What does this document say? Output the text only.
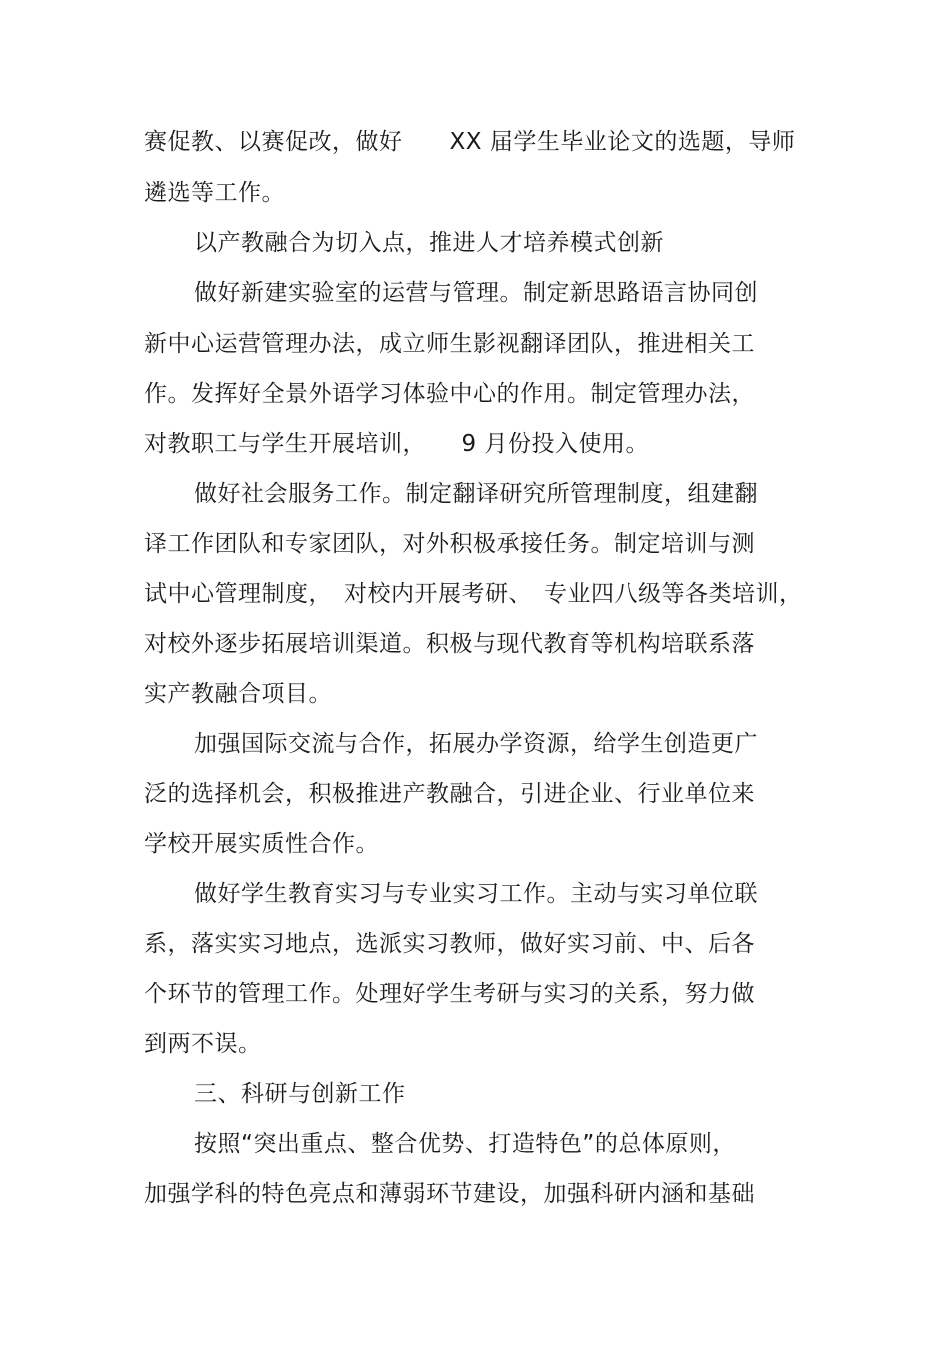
赛促教、以赛促改，做好　　XX 届学生毕业论文的选题，导师
遴选等工作。
以产教融合为切入点，推进人才培养模式创新
做好新建实验室的运营与管理。制定新思路语言协同创
新中心运营管理办法，成立师生影视翻译团队，推进相关工
作。发挥好全景外语学习体验中心的作用。制定管理办法，
对教职工与学生开展培训，　　9 月份投入使用。
做好社会服务工作。制定翻译研究所管理制度，组建翻
译工作团队和专家团队，对外积极承接任务。制定培训与测
试中心管理制度，　对校内开展考研、　专业四八级等各类培训，
对校外逐步拓展培训渠道。积极与现代教育等机构培联系落
实产教融合项目。
加强国际交流与合作，拓展办学资源，给学生创造更广
泛的选择机会，积极推进产教融合，引进企业、行业单位来
学校开展实质性合作。
做好学生教育实习与专业实习工作。主动与实习单位联
系，落实实习地点，选派实习教师，做好实习前、中、后各
个环节的管理工作。处理好学生考研与实习的关系，努力做
到两不误。
三、科研与创新工作
按照“突出重点、整合优势、打造特色”的总体原则，
加强学科的特色亮点和薄弱环节建设，加强科研内涵和基础
